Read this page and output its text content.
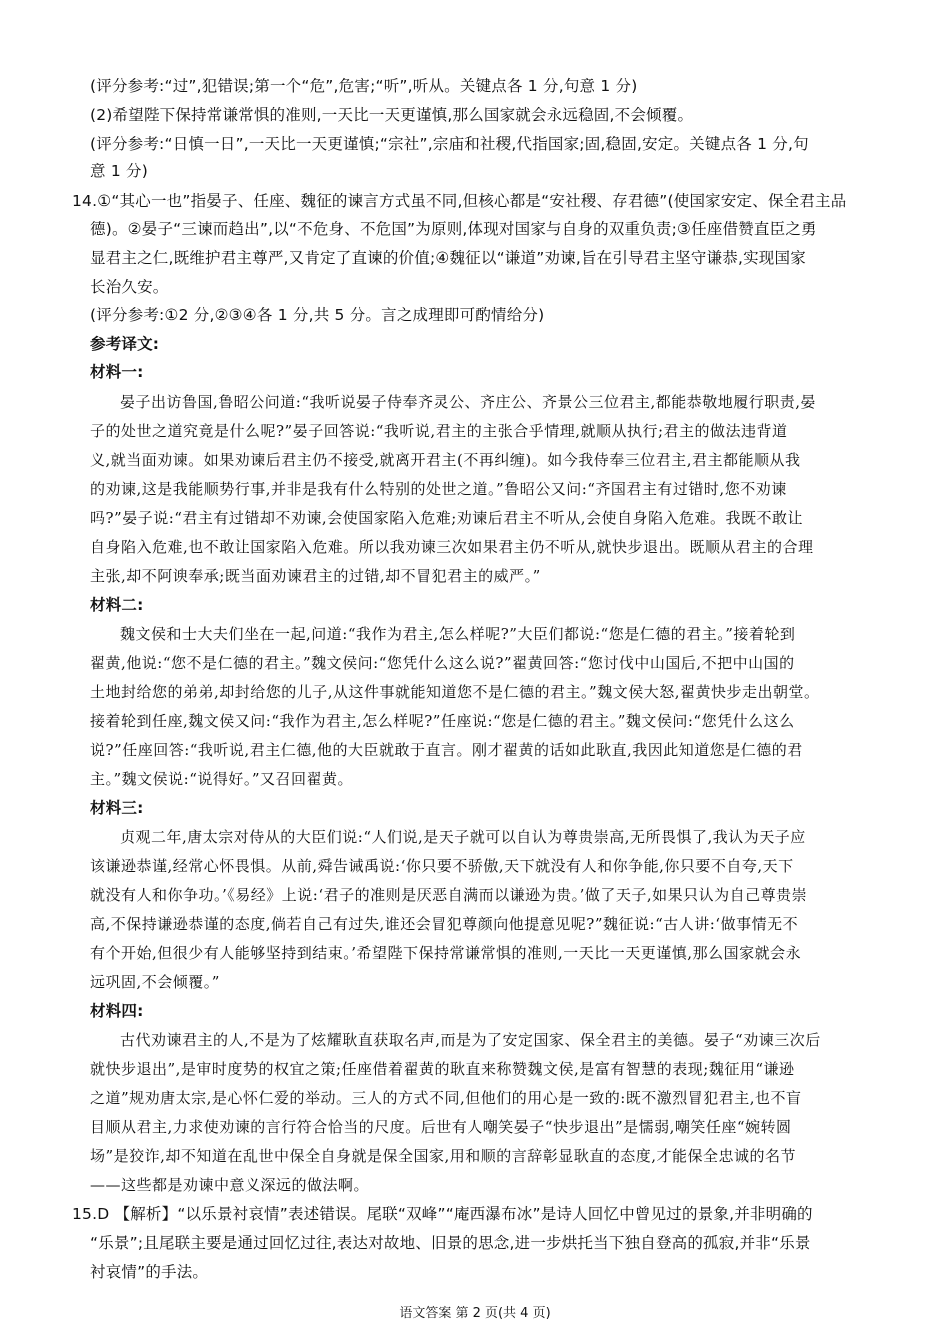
(评分参考:“过”,犯错误;第一个“危”,危害;“听”,听从。关键点各 1 分,句意 1 分)
(2)希望陛下保持常谦常惧的准则,一天比一天更谨慎,那么国家就会永远稳固,不会倾覆。
(评分参考:“日慎一日”,一天比一天更谨慎;“宗社”,宗庙和社稷,代指国家;固,稳固,安定。关键点各 1 分,句
意 1 分)
14.①“其心一也”指晏子、任座、魏征的谏言方式虽不同,但核心都是“安社稷、存君德”(使国家安定、保全君主品
德)。②晏子“三谏而趋出”,以“不危身、不危国”为原则,体现对国家与自身的双重负责;③任座借赞直臣之勇
显君主之仁,既维护君主尊严,又肯定了直谏的价值;④魏征以“谦道”劝谏,旨在引导君主坚守谦恭,实现国家
长治久安。
(评分参考:①2 分,②③④各 1 分,共 5 分。言之成理即可酌情给分)
参考译文:
材料一:
晏子出访鲁国,鲁昭公问道:“我听说晏子侍奉齐灵公、齐庄公、齐景公三位君主,都能恭敬地履行职责,晏
子的处世之道究竟是什么呢?”晏子回答说:“我听说,君主的主张合乎情理,就顺从执行;君主的做法违背道
义,就当面劝谏。如果劝谏后君主仍不接受,就离开君主(不再纠缠)。如今我侍奉三位君主,君主都能顺从我
的劝谏,这是我能顺势行事,并非是我有什么特别的处世之道。”鲁昭公又问:“齐国君主有过错时,您不劝谏
吗?”晏子说:“君主有过错却不劝谏,会使国家陷入危难;劝谏后君主不听从,会使自身陷入危难。我既不敢让
自身陷入危难,也不敢让国家陷入危难。所以我劝谏三次如果君主仍不听从,就快步退出。既顺从君主的合理
主张,却不阿谀奉承;既当面劝谏君主的过错,却不冒犯君主的威严。”
材料二:
魏文侯和士大夫们坐在一起,问道:“我作为君主,怎么样呢?”大臣们都说:“您是仁德的君主。”接着轮到
翟黄,他说:“您不是仁德的君主。”魏文侯问:“您凭什么这么说?”翟黄回答:“您讨伐中山国后,不把中山国的
土地封给您的弟弟,却封给您的儿子,从这件事就能知道您不是仁德的君主。”魏文侯大怒,翟黄快步走出朝堂。
接着轮到任座,魏文侯又问:“我作为君主,怎么样呢?”任座说:“您是仁德的君主。”魏文侯问:“您凭什么这么
说?”任座回答:“我听说,君主仁德,他的大臣就敢于直言。刚才翟黄的话如此耿直,我因此知道您是仁德的君
主。”魏文侯说:“说得好。”又召回翟黄。
材料三:
贞观二年,唐太宗对侍从的大臣们说:“人们说,是天子就可以自认为尊贵崇高,无所畏惧了,我认为天子应
该谦逊恭谨,经常心怀畏惧。从前,舜告诫禹说:‘你只要不骄傲,天下就没有人和你争能,你只要不自夸,天下
就没有人和你争功。’《易经》上说:‘君子的准则是厌恶自满而以谦逊为贵。’做了天子,如果只认为自己尊贵崇
高,不保持谦逊恭谨的态度,倘若自己有过失,谁还会冒犯尊颜向他提意见呢?”魏征说:“古人讲:‘做事情无不
有个开始,但很少有人能够坚持到结束。’希望陛下保持常谦常惧的准则,一天比一天更谨慎,那么国家就会永
远巩固,不会倾覆。”
材料四:
古代劝谏君主的人,不是为了炫耀耿直获取名声,而是为了安定国家、保全君主的美德。晏子“劝谏三次后
就快步退出”,是审时度势的权宜之策;任座借着翟黄的耿直来称赞魏文侯,是富有智慧的表现;魏征用“谦逊
之道”规劝唐太宗,是心怀仁爱的举动。三人的方式不同,但他们的用心是一致的:既不激烈冒犯君主,也不盲
目顺从君主,力求使劝谏的言行符合恰当的尺度。后世有人嘲笑晏子“快步退出”是懦弱,嘲笑任座“婉转圆
场”是狡诈,却不知道在乱世中保全自身就是保全国家,用和顺的言辞彰显耿直的态度,才能保全忠诚的名节
——这些都是劝谏中意义深远的做法啊。
15.D 【解析】“以乐景衬哀情”表述错误。尾联“双峰”“庵西瀑布冰”是诗人回忆中曾见过的景象,并非明确的
“乐景”;且尾联主要是通过回忆过往,表达对故地、旧景的思念,进一步烘托当下独自登高的孤寂,并非“乐景
衬哀情”的手法。
语文答案 第 2 页(共 4 页)
